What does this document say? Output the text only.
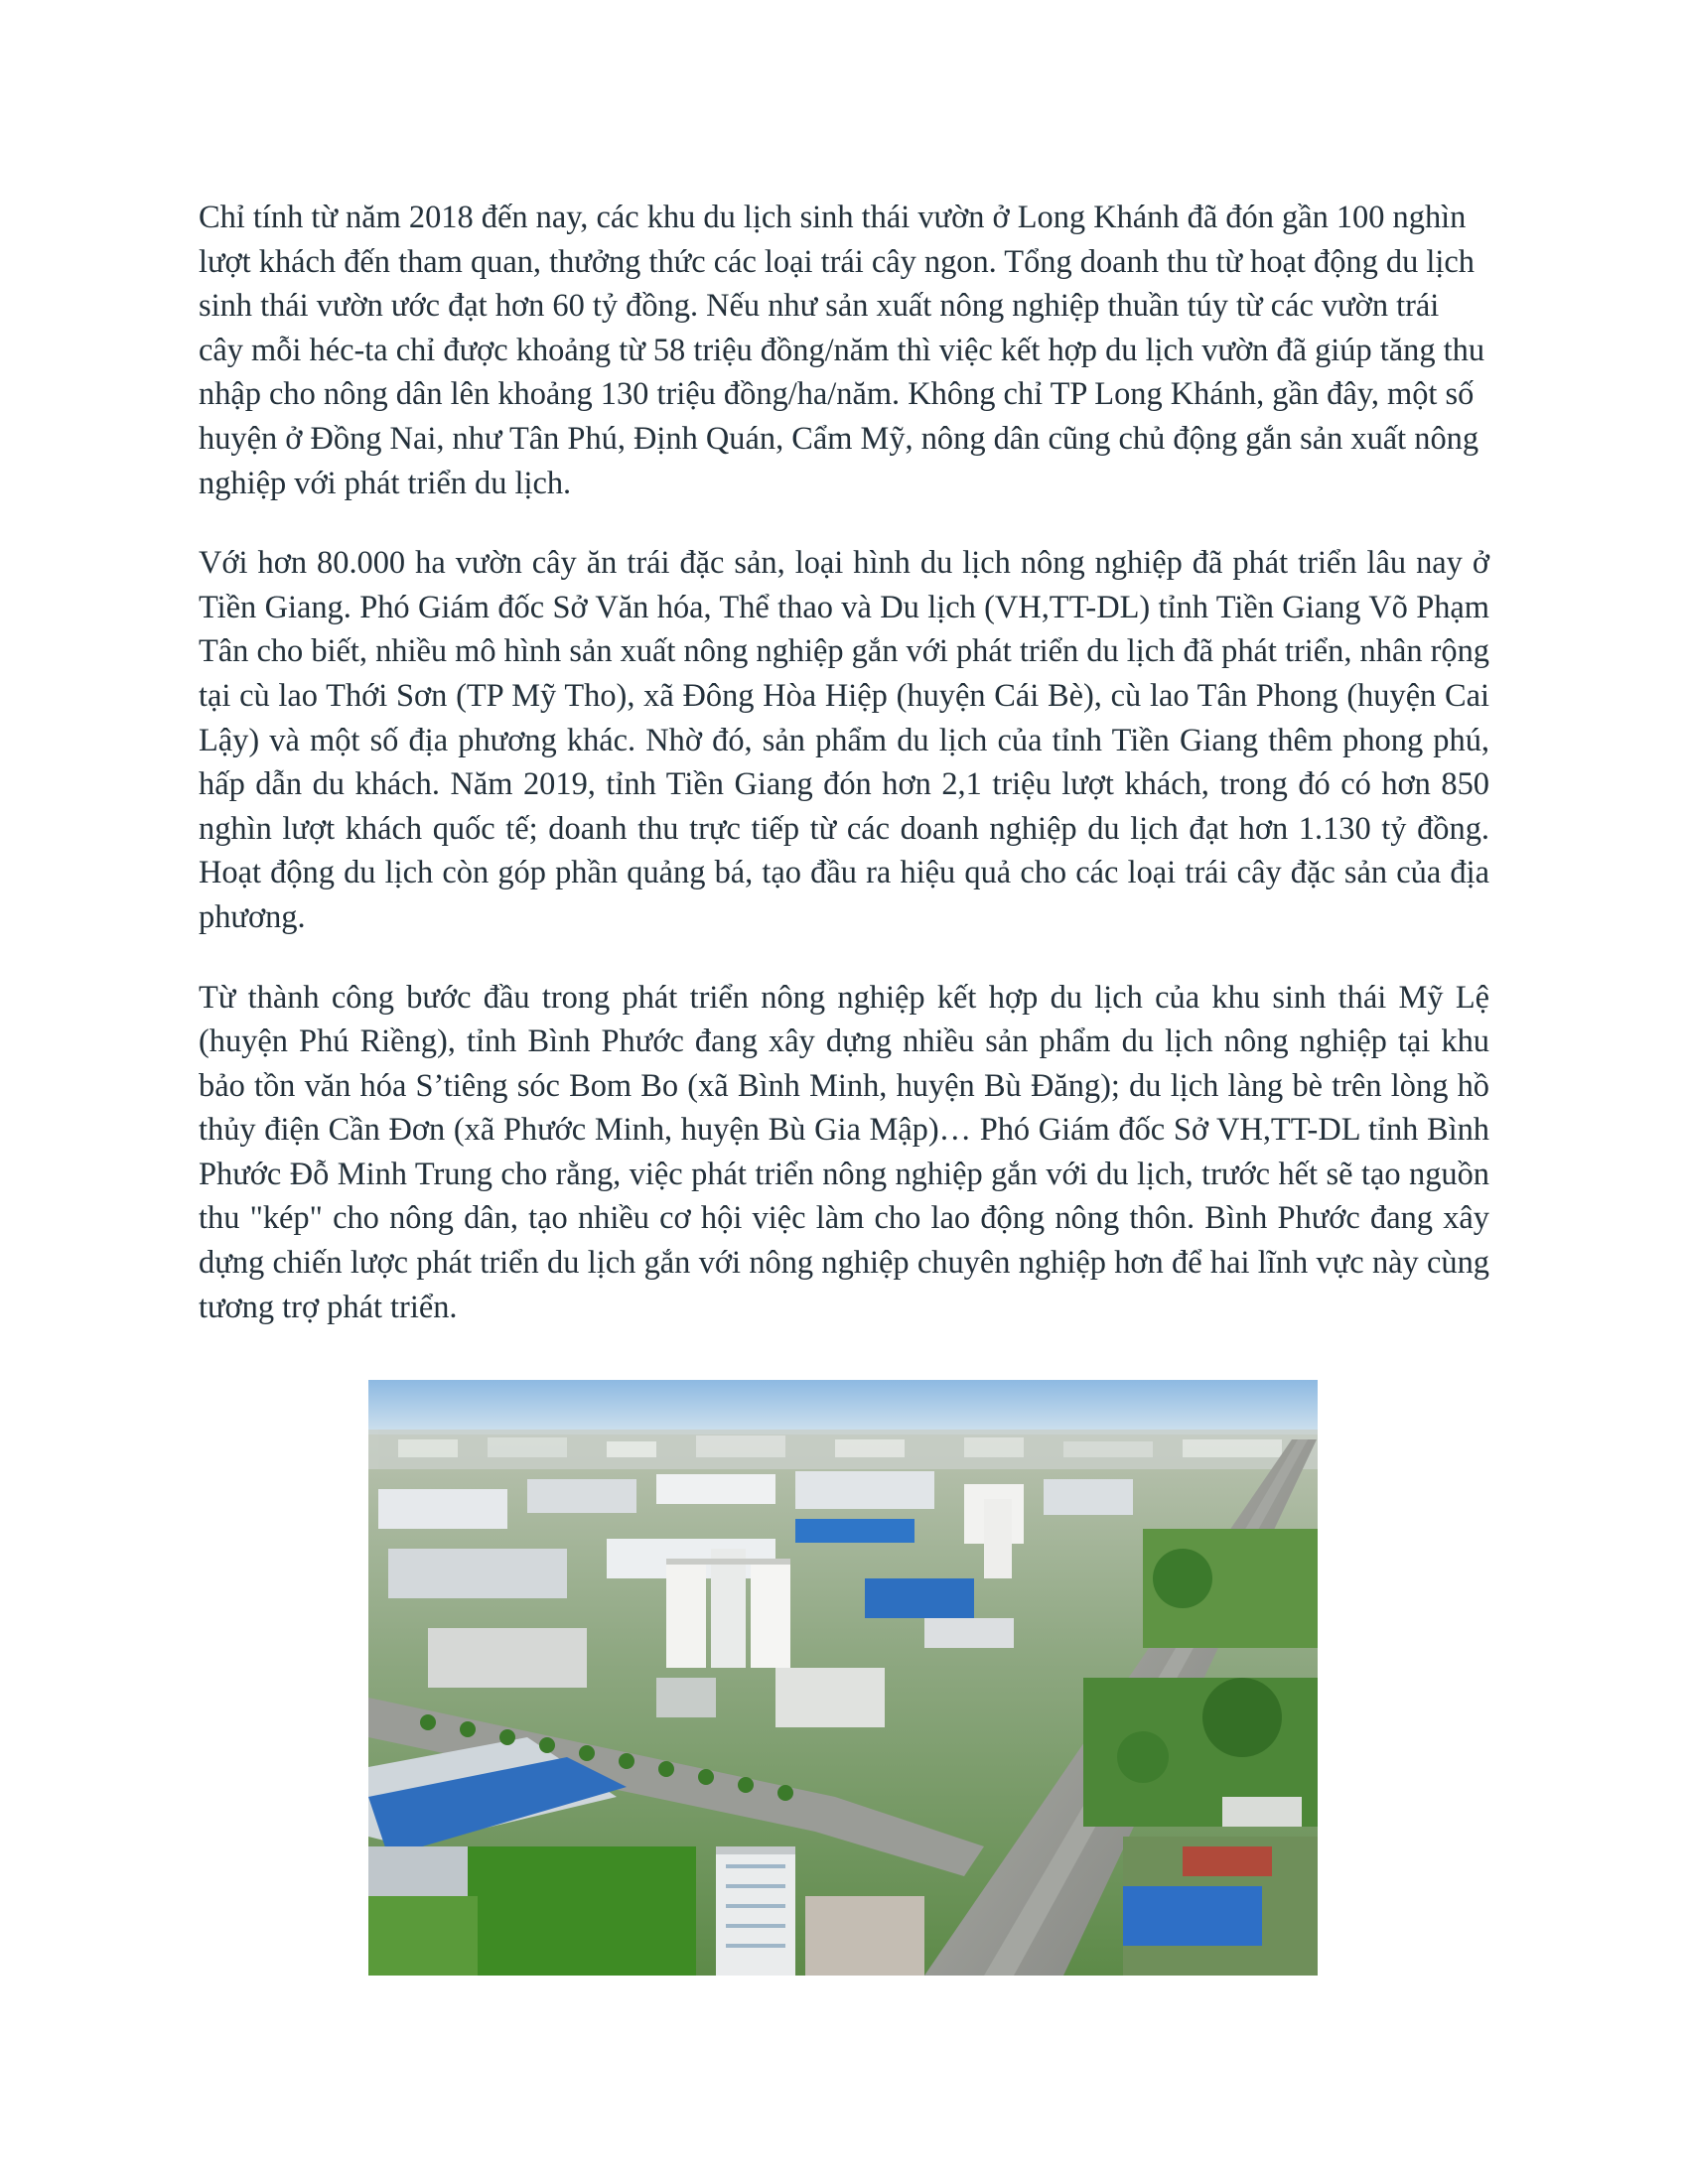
Chỉ tính từ năm 2018 đến nay, các khu du lịch sinh thái vườn ở Long Khánh đã đón gần 100 nghìn lượt khách đến tham quan, thưởng thức các loại trái cây ngon. Tổng doanh thu từ hoạt động du lịch sinh thái vườn ước đạt hơn 60 tỷ đồng. Nếu như sản xuất nông nghiệp thuần túy từ các vườn trái cây mỗi héc-ta chỉ được khoảng từ 58 triệu đồng/năm thì việc kết hợp du lịch vườn đã giúp tăng thu nhập cho nông dân lên khoảng 130 triệu đồng/ha/năm. Không chỉ TP Long Khánh, gần đây, một số huyện ở Đồng Nai, như Tân Phú, Định Quán, Cẩm Mỹ, nông dân cũng chủ động gắn sản xuất nông nghiệp với phát triển du lịch.

Với hơn 80.000 ha vườn cây ăn trái đặc sản, loại hình du lịch nông nghiệp đã phát triển lâu nay ở Tiền Giang. Phó Giám đốc Sở Văn hóa, Thể thao và Du lịch (VH,TT-DL) tỉnh Tiền Giang Võ Phạm Tân cho biết, nhiều mô hình sản xuất nông nghiệp gắn với phát triển du lịch đã phát triển, nhân rộng tại cù lao Thới Sơn (TP Mỹ Tho), xã Đông Hòa Hiệp (huyện Cái Bè), cù lao Tân Phong (huyện Cai Lậy) và một số địa phương khác. Nhờ đó, sản phẩm du lịch của tỉnh Tiền Giang thêm phong phú, hấp dẫn du khách. Năm 2019, tỉnh Tiền Giang đón hơn 2,1 triệu lượt khách, trong đó có hơn 850 nghìn lượt khách quốc tế; doanh thu trực tiếp từ các doanh nghiệp du lịch đạt hơn 1.130 tỷ đồng. Hoạt động du lịch còn góp phần quảng bá, tạo đầu ra hiệu quả cho các loại trái cây đặc sản của địa phương.

Từ thành công bước đầu trong phát triển nông nghiệp kết hợp du lịch của khu sinh thái Mỹ Lệ (huyện Phú Riềng), tỉnh Bình Phước đang xây dựng nhiều sản phẩm du lịch nông nghiệp tại khu bảo tồn văn hóa S’tiêng sóc Bom Bo (xã Bình Minh, huyện Bù Đăng); du lịch làng bè trên lòng hồ thủy điện Cần Đơn (xã Phước Minh, huyện Bù Gia Mập)… Phó Giám đốc Sở VH,TT-DL tỉnh Bình Phước Đỗ Minh Trung cho rằng, việc phát triển nông nghiệp gắn với du lịch, trước hết sẽ tạo nguồn thu "kép" cho nông dân, tạo nhiều cơ hội việc làm cho lao động nông thôn. Bình Phước đang xây dựng chiến lược phát triển du lịch gắn với nông nghiệp chuyên nghiệp hơn để hai lĩnh vực này cùng tương trợ phát triển.
